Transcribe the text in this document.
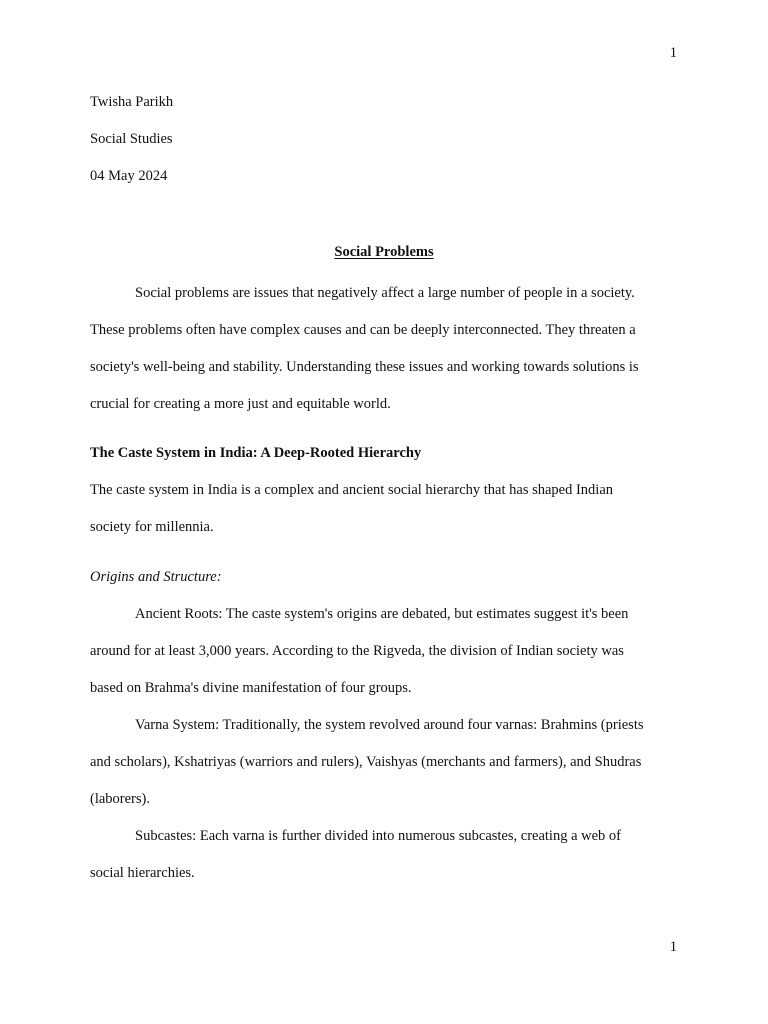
1
Twisha Parikh
Social Studies
04 May 2024
Social Problems
Social problems are issues that negatively affect a large number of people in a society.
These problems often have complex causes and can be deeply interconnected. They threaten a
society's well-being and stability. Understanding these issues and working towards solutions is
crucial for creating a more just and equitable world.
The Caste System in India: A Deep-Rooted Hierarchy
The caste system in India is a complex and ancient social hierarchy that has shaped Indian
society for millennia.
Origins and Structure:
Ancient Roots: The caste system's origins are debated, but estimates suggest it's been
around for at least 3,000 years. According to the Rigveda, the division of Indian society was
based on Brahma's divine manifestation of four groups.
Varna System: Traditionally, the system revolved around four varnas: Brahmins (priests
and scholars), Kshatriyas (warriors and rulers), Vaishyas (merchants and farmers), and Shudras
(laborers).
Subcastes: Each varna is further divided into numerous subcastes, creating a web of
social hierarchies.
1
